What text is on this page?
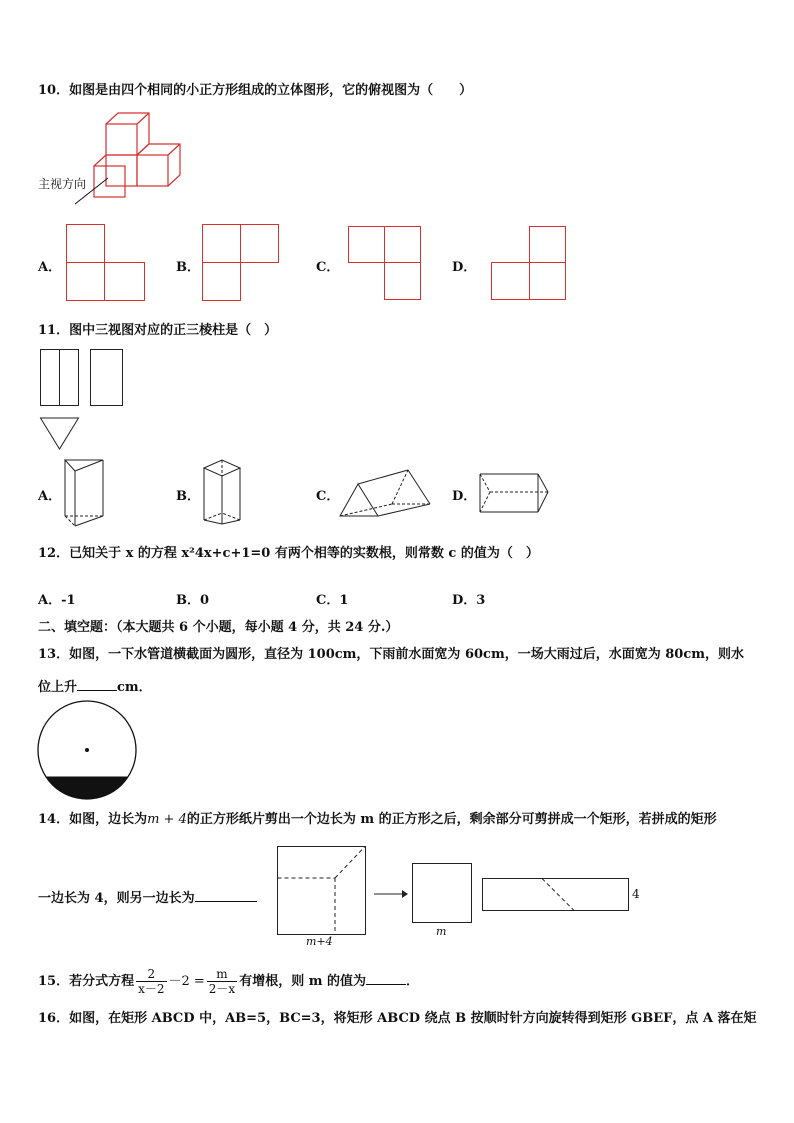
10．如图是由四个相同的小正方形组成的立体图形，它的俯视图为（　　）
主视方向
A．	B．	C．	D．
11．图中三视图对应的正三棱柱是（　）
A．	B．	C．	D．
12．已知关于 x 的方程 x²4x+c+1=0 有两个相等的实数根，则常数 c 的值为（　）
A．-1	B．0	C．1	D．3
二、填空题：（本大题共 6 个小题，每小题 4 分，共 24 分.）
13．如图，一下水管道横截面为圆形，直径为 100cm，下雨前水面宽为 60cm，一场大雨过后，水面宽为 80cm，则水
位上升	cm．
14．如图，边长为m + 4的正方形纸片剪出一个边长为 m 的正方形之后，剩余部分可剪拼成一个矩形，若拼成的矩形
一边长为 4，则另一边长为
m+4
m
4
15．若分式方程 $\frac{2}{x-2} -2 = \frac{m}{2-x}$ 有增根，则 m 的值为	．
16．如图，在矩形 ABCD 中，AB=5，BC=3，将矩形 ABCD 绕点 B 按顺时针方向旋转得到矩形 GBEF，点 A 落在矩
